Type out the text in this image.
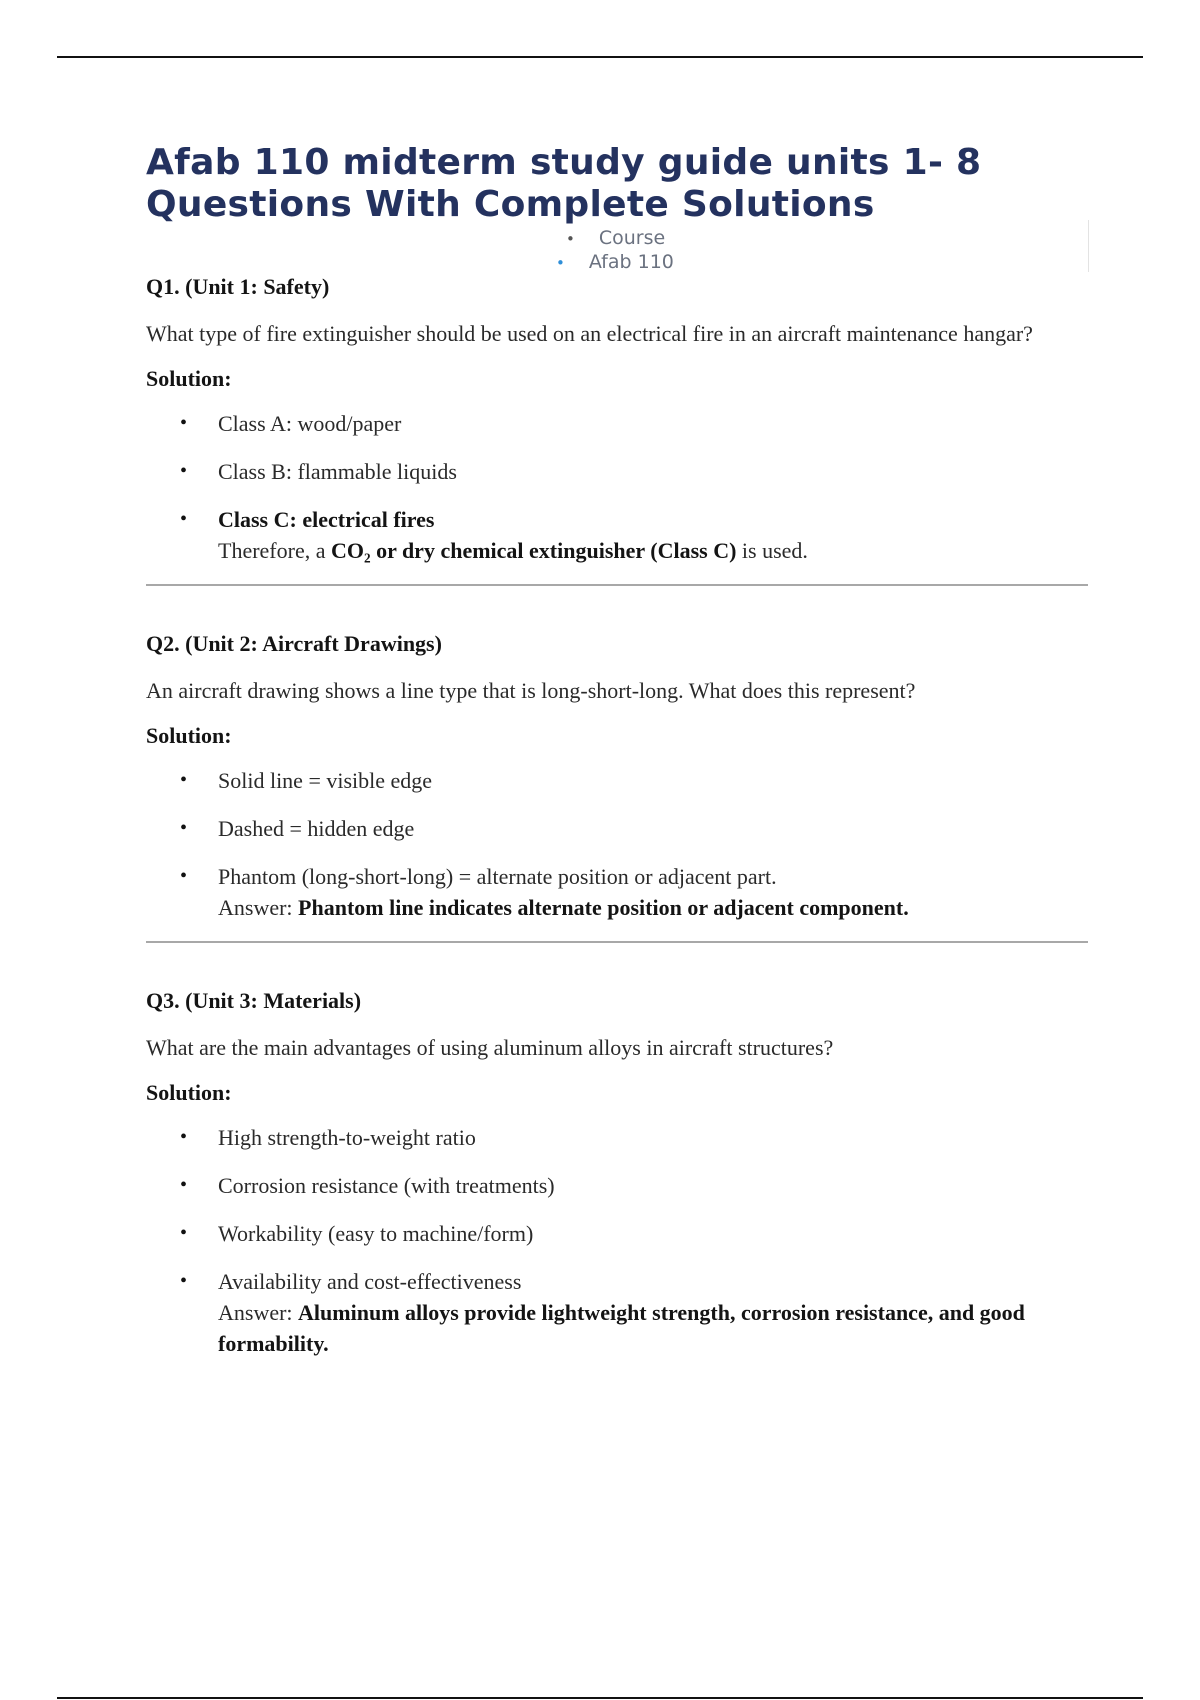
Afab 110 midterm study guide units 1- 8
Questions With Complete Solutions
• Course
• Afab 110

Q1. (Unit 1: Safety)

What type of fire extinguisher should be used on an electrical fire in an aircraft maintenance hangar?

Solution:

• Class A: wood/paper
• Class B: flammable liquids
• Class C: electrical fires
Therefore, a CO₂ or dry chemical extinguisher (Class C) is used.

Q2. (Unit 2: Aircraft Drawings)

An aircraft drawing shows a line type that is long-short-long. What does this represent?

Solution:

• Solid line = visible edge
• Dashed = hidden edge
• Phantom (long-short-long) = alternate position or adjacent part.
Answer: Phantom line indicates alternate position or adjacent component.

Q3. (Unit 3: Materials)

What are the main advantages of using aluminum alloys in aircraft structures?

Solution:

• High strength-to-weight ratio
• Corrosion resistance (with treatments)
• Workability (easy to machine/form)
• Availability and cost-effectiveness
Answer: Aluminum alloys provide lightweight strength, corrosion resistance, and good formability.
